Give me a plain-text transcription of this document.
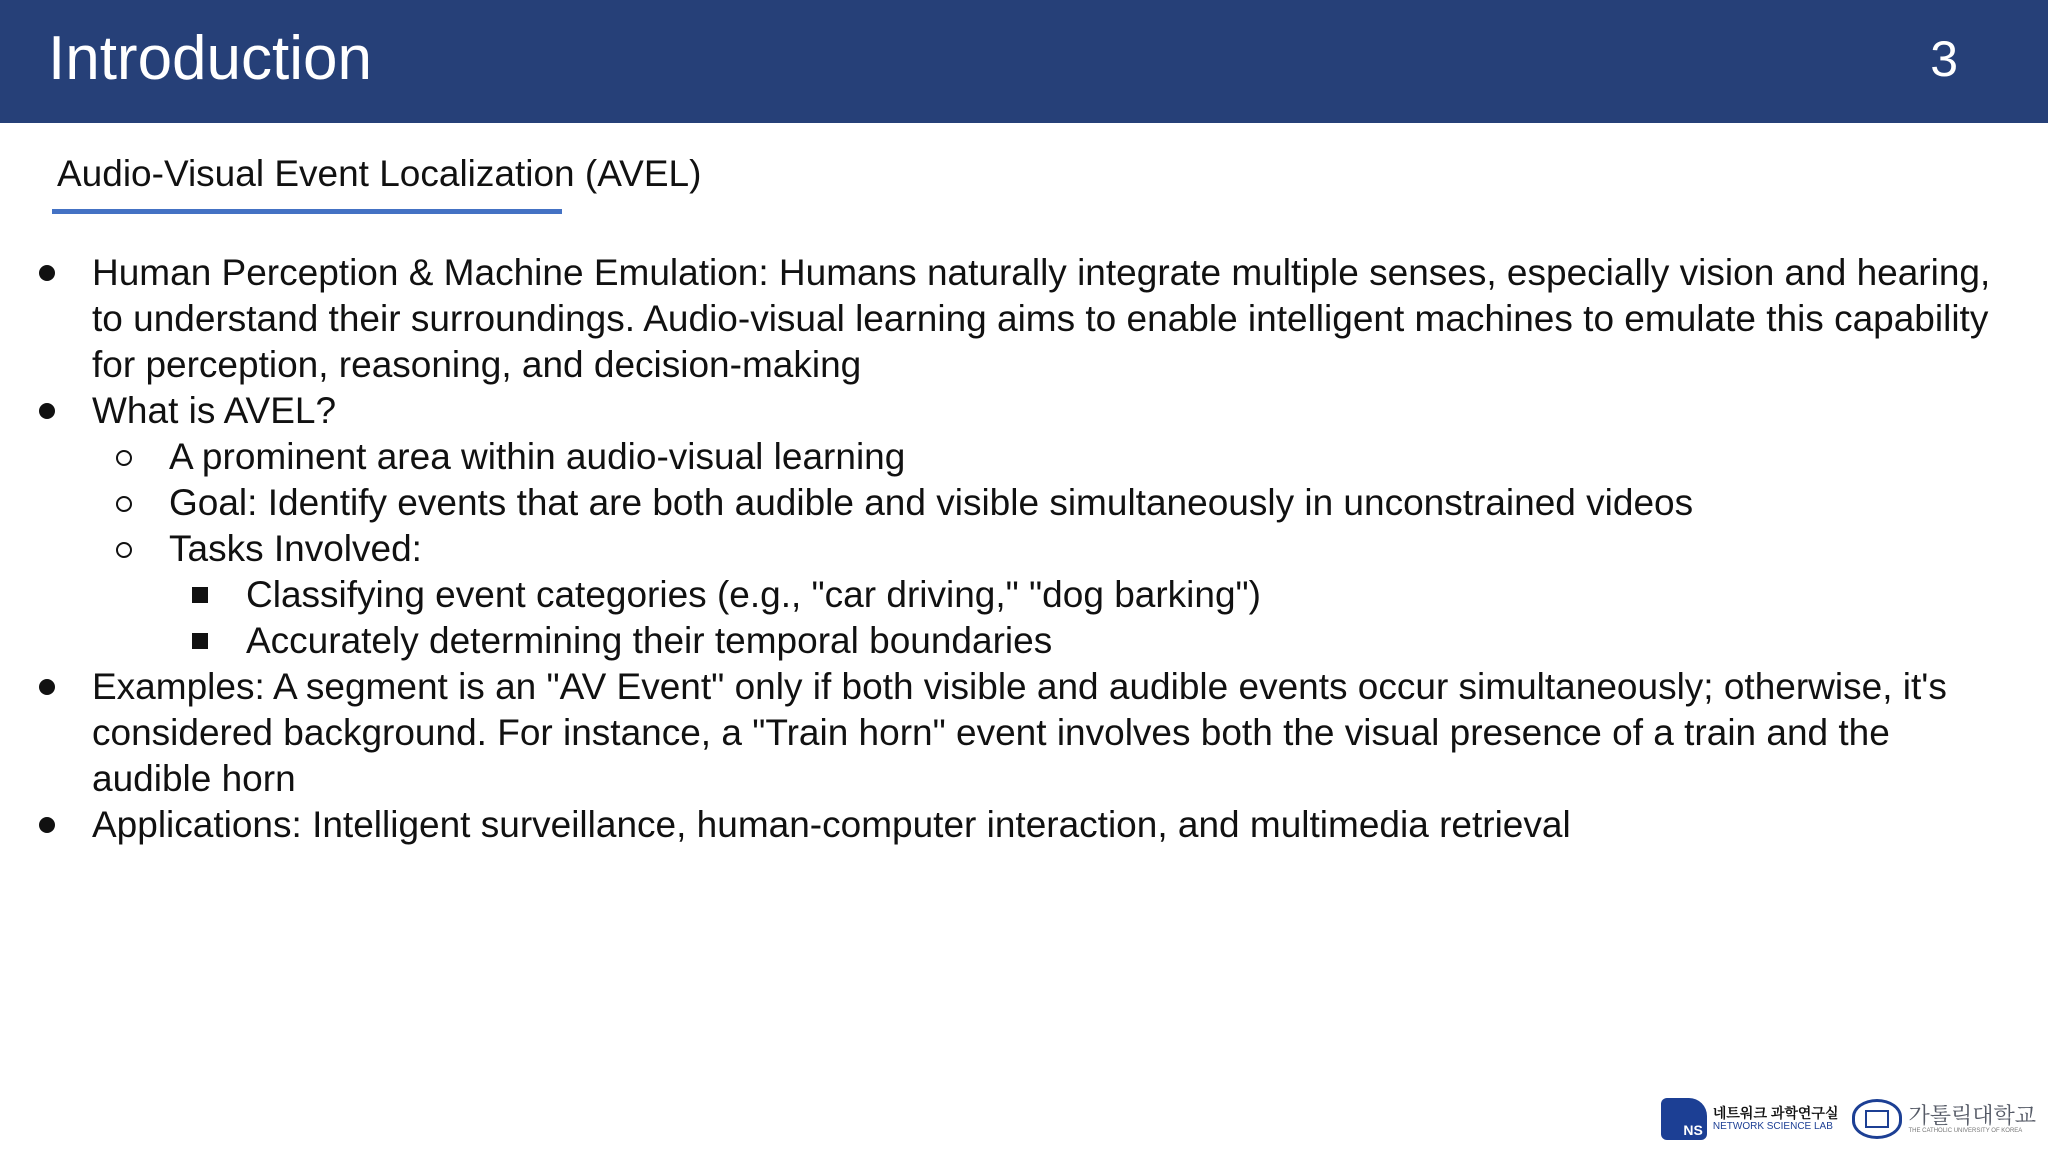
Introduction	3
Audio-Visual Event Localization (AVEL)
Human Perception & Machine Emulation: Humans naturally integrate multiple senses, especially vision and hearing, to understand their surroundings. Audio-visual learning aims to enable intelligent machines to emulate this capability for perception, reasoning, and decision-making
What is AVEL?
A prominent area within audio-visual learning
Goal: Identify events that are both audible and visible simultaneously in unconstrained videos
Tasks Involved:
Classifying event categories (e.g., "car driving," "dog barking")
Accurately determining their temporal boundaries
Examples: A segment is an "AV Event" only if both visible and audible events occur simultaneously; otherwise, it's considered background. For instance, a "Train horn" event involves both the visual presence of a train and the audible horn
Applications: Intelligent surveillance, human-computer interaction, and multimedia retrieval
NS
네트워크 과학연구실
NETWORK SCIENCE LAB	가톨릭대학교
THE CATHOLIC UNIVERSITY OF KOREA
